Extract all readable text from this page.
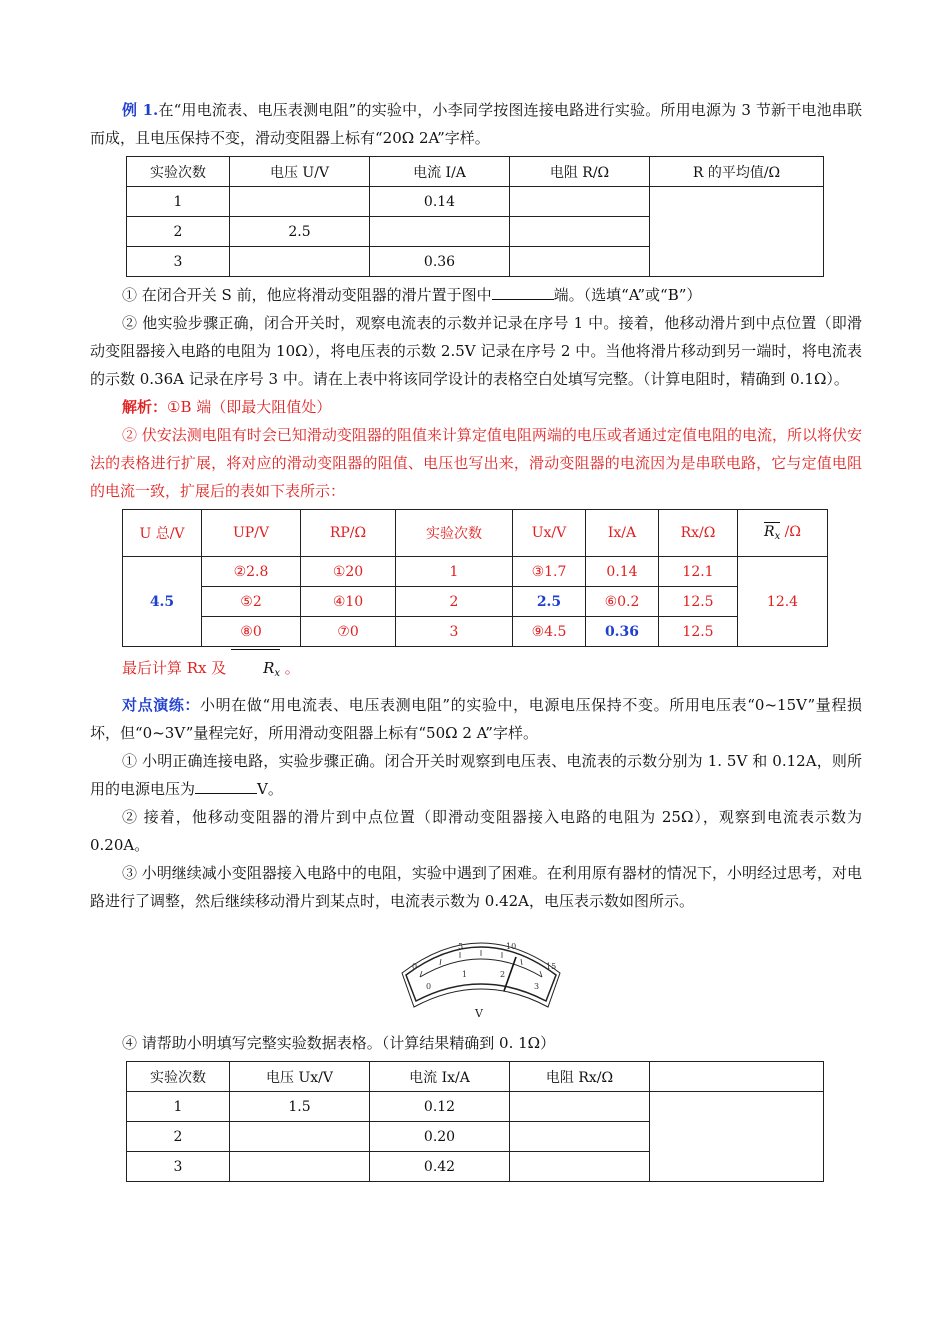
例 1.在“用电流表、电压表测电阻”的实验中，小李同学按图连接电路进行实验。所用电源为 3 节新干电池串联而成，且电压保持不变，滑动变阻器上标有“20Ω 2A”字样。

实验次数	电压 U/V	电流 I/A	电阻 R/Ω	R 的平均值/Ω
1		0.14		
2	2.5			
3		0.36		

① 在闭合开关 S 前，他应将滑动变阻器的滑片置于图中	端。（选填“A”或“B”）

② 他实验步骤正确，闭合开关时，观察电流表的示数并记录在序号 1 中。接着，他移动滑片到中点位置（即滑动变阻器接入电路的电阻为 10Ω），将电压表的示数 2.5V 记录在序号 2 中。当他将滑片移动到另一端时，将电流表的示数 0.36A 记录在序号 3 中。请在上表中将该同学设计的表格空白处填写完整。（计算电阻时，精确到 0.1Ω）。

解析：①B 端（即最大阻值处）

② 伏安法测电阻有时会已知滑动变阻器的阻值来计算定值电阻两端的电压或者通过定值电阻的电流，所以将伏安法的表格进行扩展，将对应的滑动变阻器的阻值、电压也写出来，滑动变阻器的电流因为是串联电路，它与定值电阻的电流一致，扩展后的表如下表所示：

U 总/V	UP/V	RP/Ω	实验次数	Ux/V	Ix/A	Rx/Ω	$R_x$ /Ω
4.5	②2.8	①20	1	③1.7	0.14	12.1	12.4
	⑤2	④10	2	2.5	⑥0.2	12.5	
	⑧0	⑦0	3	⑨4.5	0.36	12.5	

最后计算 Rx 及 $R_x$ 。

对点演练：小明在做“用电流表、电压表测电阻”的实验中，电源电压保持不变。所用电压表“0~15V”量程损坏，但“0~3V”量程完好，所用滑动变阻器上标有“50Ω 2 A”字样。

① 小明正确连接电路，实验步骤正确。闭合开关时观察到电压表、电流表的示数分别为 1. 5V 和 0.12A，则所用的电源电压为	V。

② 接着，他移动变阻器的滑片到中点位置（即滑动变阻器接入电路的电阻为 25Ω），观察到电流表示数为 0.20A。

③ 小明继续减小变阻器接入电路中的电阻，实验中遇到了困难。在利用原有器材的情况下，小明经过思考，对电路进行了调整，然后继续移动滑片到某点时，电流表示数为 0.42A，电压表示数如图所示。

0
5	10
15
0
1	2
3
V

④ 请帮助小明填写完整实验数据表格。（计算结果精确到 0. 1Ω）

实验次数	电压 Ux/V	电流 Ix/A	电阻 Rx/Ω	
1	1.5	0.12		
2		0.20		
3		0.42		
